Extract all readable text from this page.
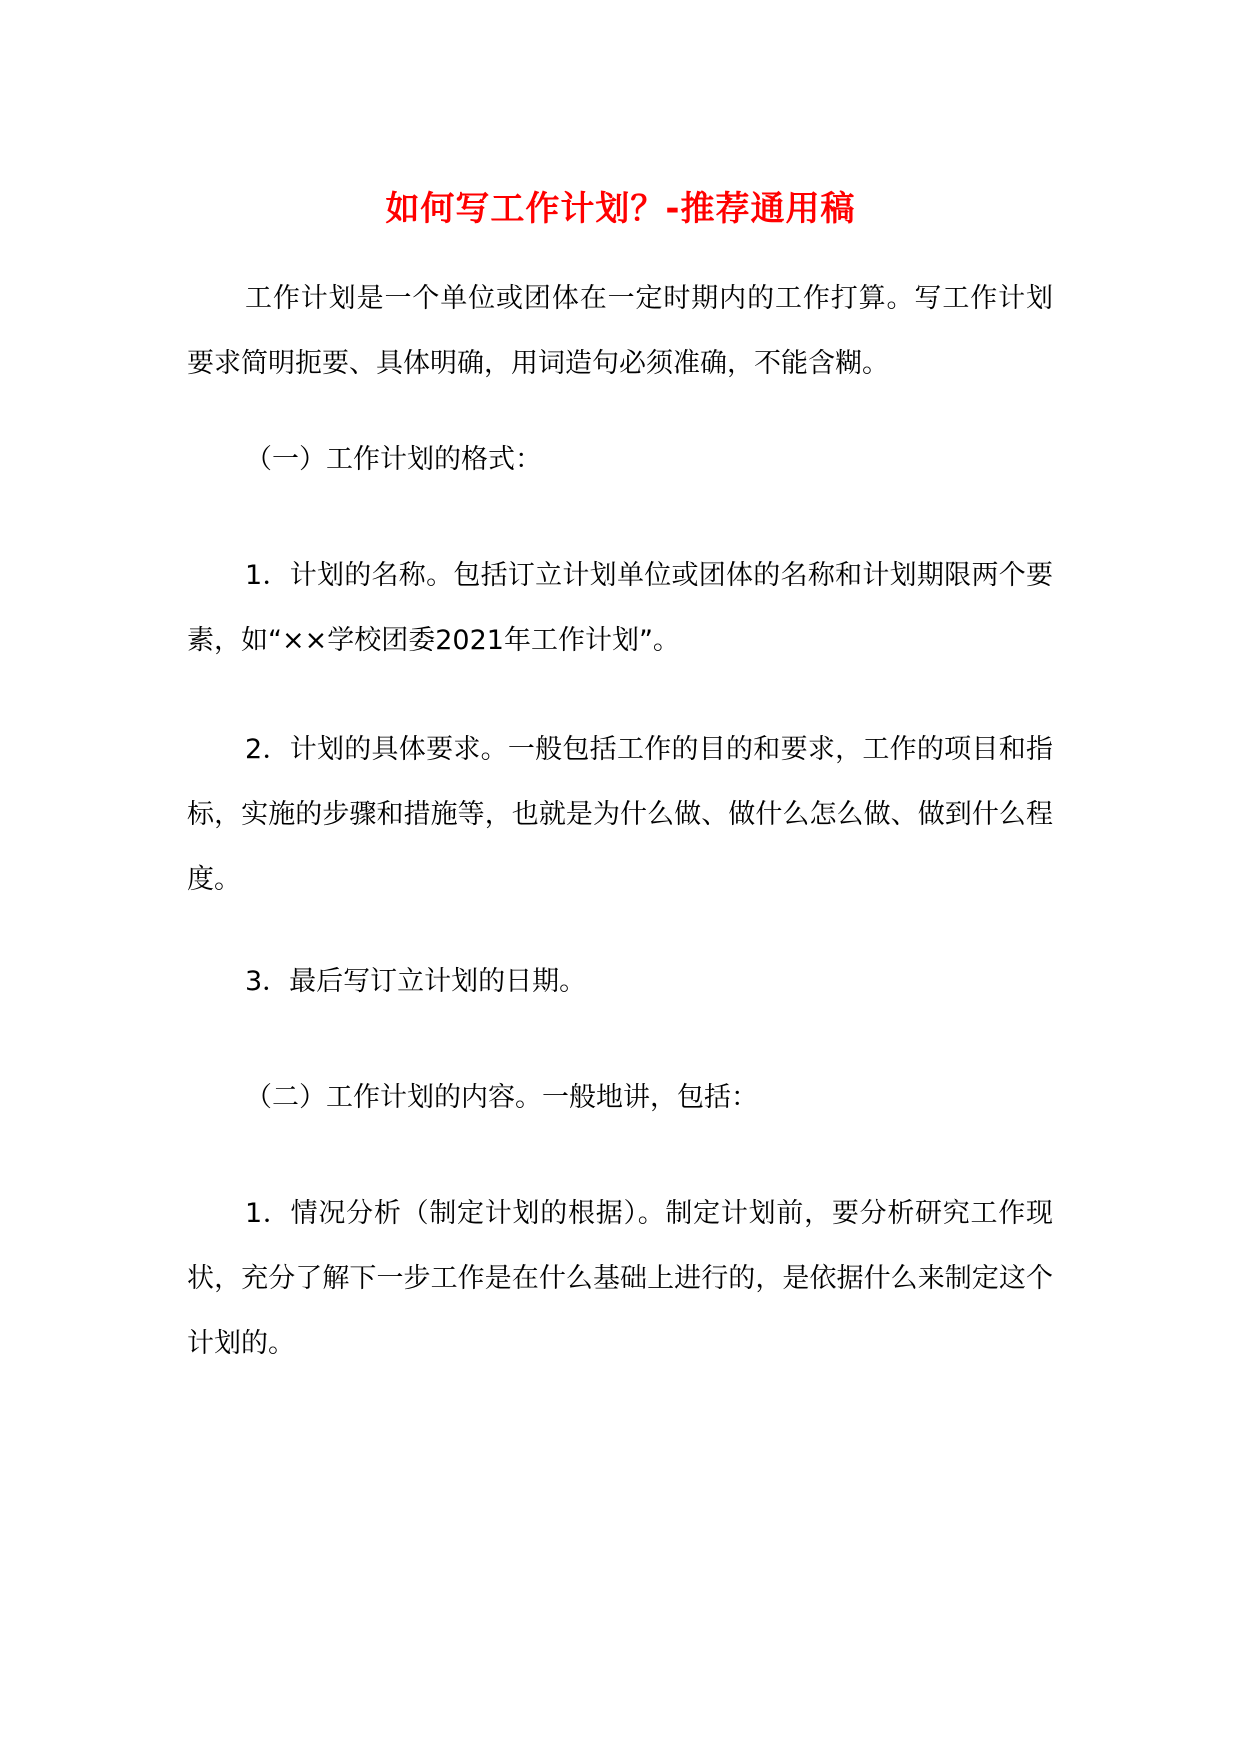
如何写工作计划？-推荐通用稿

工作计划是一个单位或团体在一定时期内的工作打算。写工作计划要求简明扼要、具体明确，用词造句必须准确，不能含糊。

（一）工作计划的格式：

1．计划的名称。包括订立计划单位或团体的名称和计划期限两个要素，如“××学校团委2021年工作计划”。

2．计划的具体要求。一般包括工作的目的和要求，工作的项目和指标，实施的步骤和措施等，也就是为什么做、做什么怎么做、做到什么程度。

3．最后写订立计划的日期。

（二）工作计划的内容。一般地讲，包括：

1．情况分析（制定计划的根据）。制定计划前，要分析研究工作现状，充分了解下一步工作是在什么基础上进行的，是依据什么来制定这个计划的。
